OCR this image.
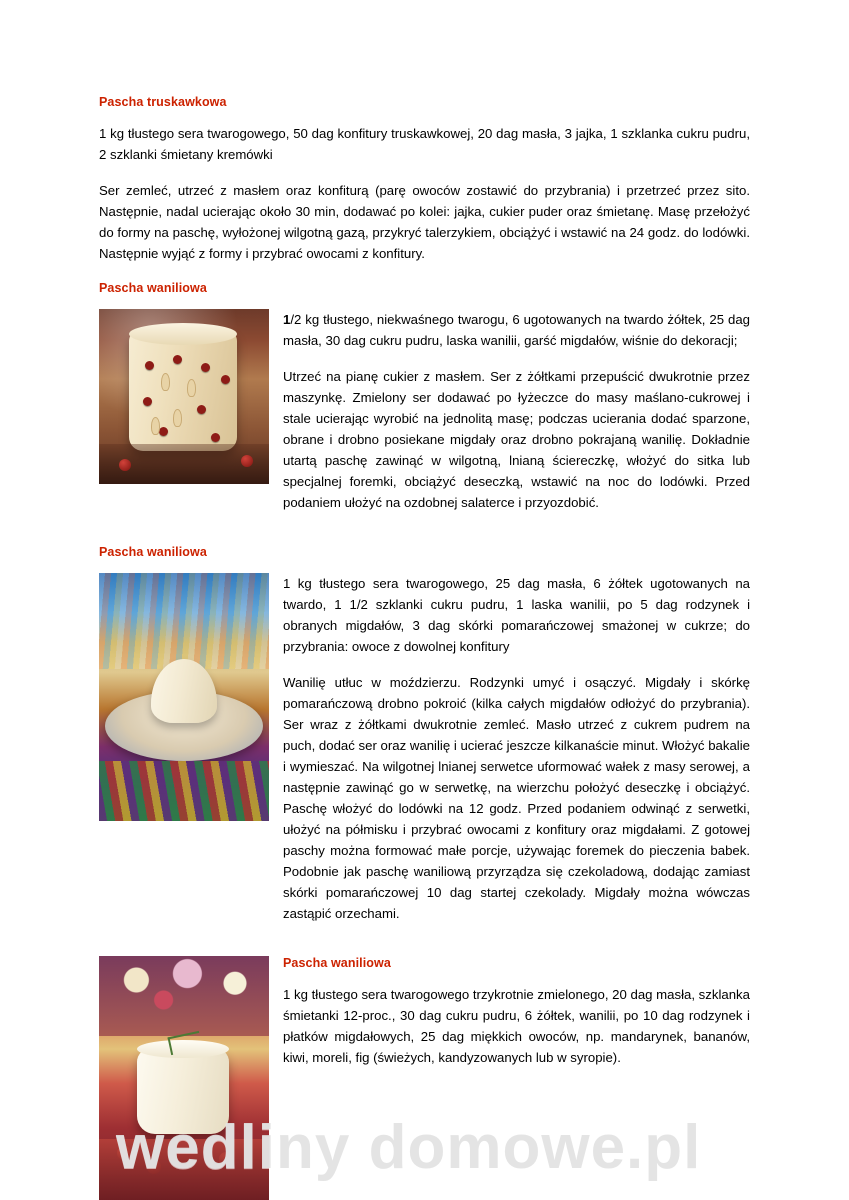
Pascha truskawkowa

1 kg tłustego sera twarogowego, 50 dag konfitury truskawkowej, 20 dag masła, 3 jajka, 1 szklanka cukru pudru, 2 szklanki śmietany kremówki

Ser zemleć, utrzeć z masłem oraz konfiturą (parę owoców zostawić do przybrania) i przetrzeć przez sito. Następnie, nadal ucierając około 30 min, dodawać po kolei: jajka, cukier puder oraz śmietanę. Masę przełożyć do formy na paschę, wyłożonej wilgotną gazą, przykryć talerzykiem, obciążyć i wstawić na 24 godz. do lodówki. Następnie wyjąć z formy i przybrać owocami z konfitury.

Pascha waniliowa

1/2 kg tłustego, niekwaśnego twarogu, 6 ugotowanych na twardo żółtek, 25 dag masła, 30 dag cukru pudru, laska wanilii, garść migdałów, wiśnie do dekoracji;

Utrzeć na pianę cukier z masłem. Ser z żółtkami przepuścić dwukrotnie przez maszynkę. Zmielony ser dodawać po łyżeczce do masy maślano-cukrowej i stale ucierając wyrobić na jednolitą masę; podczas ucierania dodać sparzone, obrane i drobno posiekane migdały oraz drobno pokrajaną wanilię. Dokładnie utartą paschę zawinąć w wilgotną, lnianą ściereczkę, włożyć do sitka lub specjalnej foremki, obciążyć deseczką, wstawić na noc do lodówki. Przed podaniem ułożyć na ozdobnej salaterce i przyozdobić.

Pascha waniliowa

1 kg tłustego sera twarogowego, 25 dag masła, 6 żółtek ugotowanych na twardo, 1 1/2 szklanki cukru pudru, 1 laska wanilii, po 5 dag rodzynek i obranych migdałów, 3 dag skórki pomarańczowej smażonej w cukrze; do przybrania: owoce z dowolnej konfitury

Wanilię utłuc w moździerzu. Rodzynki umyć i osączyć. Migdały i skórkę pomarańczową drobno pokroić (kilka całych migdałów odłożyć do przybrania). Ser wraz z żółtkami dwukrotnie zemleć. Masło utrzeć z cukrem pudrem na puch, dodać ser oraz wanilię i ucierać jeszcze kilkanaście minut. Włożyć bakalie i wymieszać. Na wilgotnej lnianej serwetce uformować wałek z masy serowej, a następnie zawinąć go w serwetkę, na wierzchu położyć deseczkę i obciążyć. Paschę włożyć do lodówki na 12 godz. Przed podaniem odwinąć z serwetki, ułożyć na półmisku i przybrać owocami z konfitury oraz migdałami. Z gotowej paschy można formować małe porcje, używając foremek do pieczenia babek. Podobnie jak paschę waniliową przyrządza się czekoladową, dodając zamiast skórki pomarańczowej 10 dag startej czekolady. Migdały można wówczas zastąpić orzechami.

Pascha waniliowa

1 kg tłustego sera twarogowego trzykrotnie zmielonego, 20 dag masła, szklanka śmietanki 12-proc., 30 dag cukru pudru, 6 żółtek, wanilii, po 10 dag rodzynek i płatków migdałowych, 25 dag miękkich owoców, np. mandarynek, bananów, kiwi, moreli, fig (świeżych, kandyzowanych lub w syropie).

wedliny domowe.pl
